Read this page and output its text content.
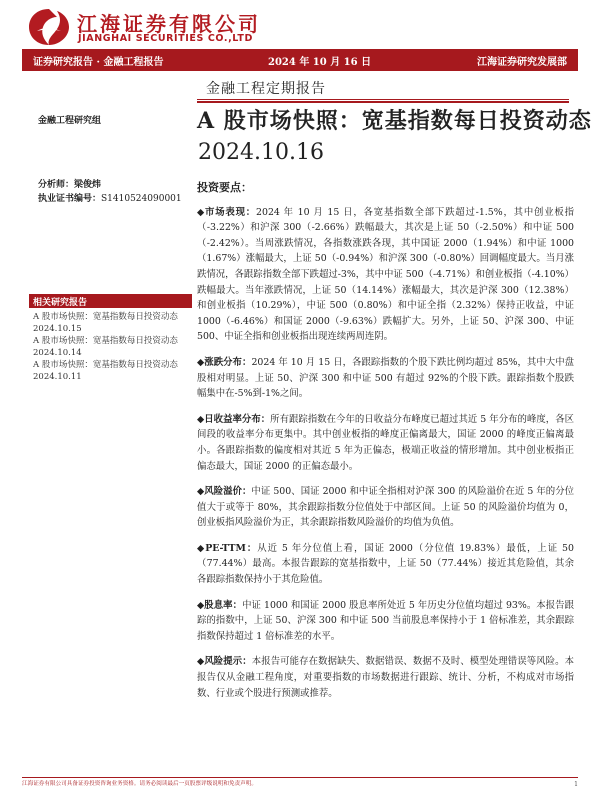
江海证券有限公司
JIANGHAI SECURITIES CO.,LTD
证券研究报告 · 金融工程报告	2024 年 10 月 16 日	江海证券研究发展部
金融工程定期报告
A 股市场快照：宽基指数每日投资动态
2024.10.16
金融工程研究组
分析师：梁俊炜
执业证书编号：S1410524090001
相关研究报告
A 股市场快照：宽基指数每日投资动态 2024.10.15
A 股市场快照：宽基指数每日投资动态 2024.10.14
A 股市场快照：宽基指数每日投资动态 2024.10.11
投资要点：

◆市场表现：2024 年 10 月 15 日，各宽基指数全部下跌超过-1.5%，其中创业板指（-3.22%）和沪深 300（-2.66%）跌幅最大，其次是上证 50（-2.50%）和中证 500（-2.42%）。当周涨跌情况，各指数涨跌各现，其中国证 2000（1.94%）和中证 1000（1.67%）涨幅最大，上证 50（-0.94%）和沪深 300（-0.80%）回调幅度最大。当月涨跌情况，各跟踪指数全部下跌超过-3%，其中中证 500（-4.71%）和创业板指（-4.10%）跌幅最大。当年涨跌情况，上证 50（14.14%）涨幅最大，其次是沪深 300（12.38%）和创业板指（10.29%），中证 500（0.80%）和中证全指（2.32%）保持正收益，中证 1000（-6.46%）和国证 2000（-9.63%）跌幅扩大。另外，上证 50、沪深 300、中证 500、中证全指和创业板指出现连续两周连阴。

◆涨跌分布：2024 年 10 月 15 日，各跟踪指数的个股下跌比例均超过 85%，其中大中盘股相对明显。上证 50、沪深 300 和中证 500 有超过 92%的个股下跌。跟踪指数个股跌幅集中在-5%到-1%之间。

◆日收益率分布：所有跟踪指数在今年的日收益分布峰度已超过其近 5 年分布的峰度，各区间段的收益率分布更集中。其中创业板指的峰度正偏离最大，国证 2000 的峰度正偏离最小。各跟踪指数的偏度相对其近 5 年为正偏态，极端正收益的情形增加。其中创业板指正偏态最大，国证 2000 的正偏态最小。

◆风险溢价：中证 500、国证 2000 和中证全指相对沪深 300 的风险溢价在近 5 年的分位值大于或等于 80%，其余跟踪指数分位值处于中部区间。上证 50 的风险溢价均值为 0，创业板指风险溢价为正，其余跟踪指数风险溢价的均值为负值。

◆PE-TTM：从近 5 年分位值上看，国证 2000（分位值 19.83%）最低，上证 50（77.44%）最高。本报告跟踪的宽基指数中，上证 50（77.44%）接近其危险值，其余各跟踪指数保持小于其危险值。

◆股息率：中证 1000 和国证 2000 股息率所处近 5 年历史分位值均超过 93%。本报告跟踪的指数中，上证 50、沪深 300 和中证 500 当前股息率保持小于 1 倍标准差，其余跟踪指数保持超过 1 倍标准差的水平。

◆风险提示：本报告可能存在数据缺失、数据错误、数据不及时、模型处理错误等风险。本报告仅从金融工程角度，对重要指数的市场数据进行跟踪、统计、分析，不构成对市场指数、行业或个股进行预测或推荐。

江海证券有限公司具备证券投资咨询业务资格。请务必阅读最后一页股票评级说明和免责声明。	1
